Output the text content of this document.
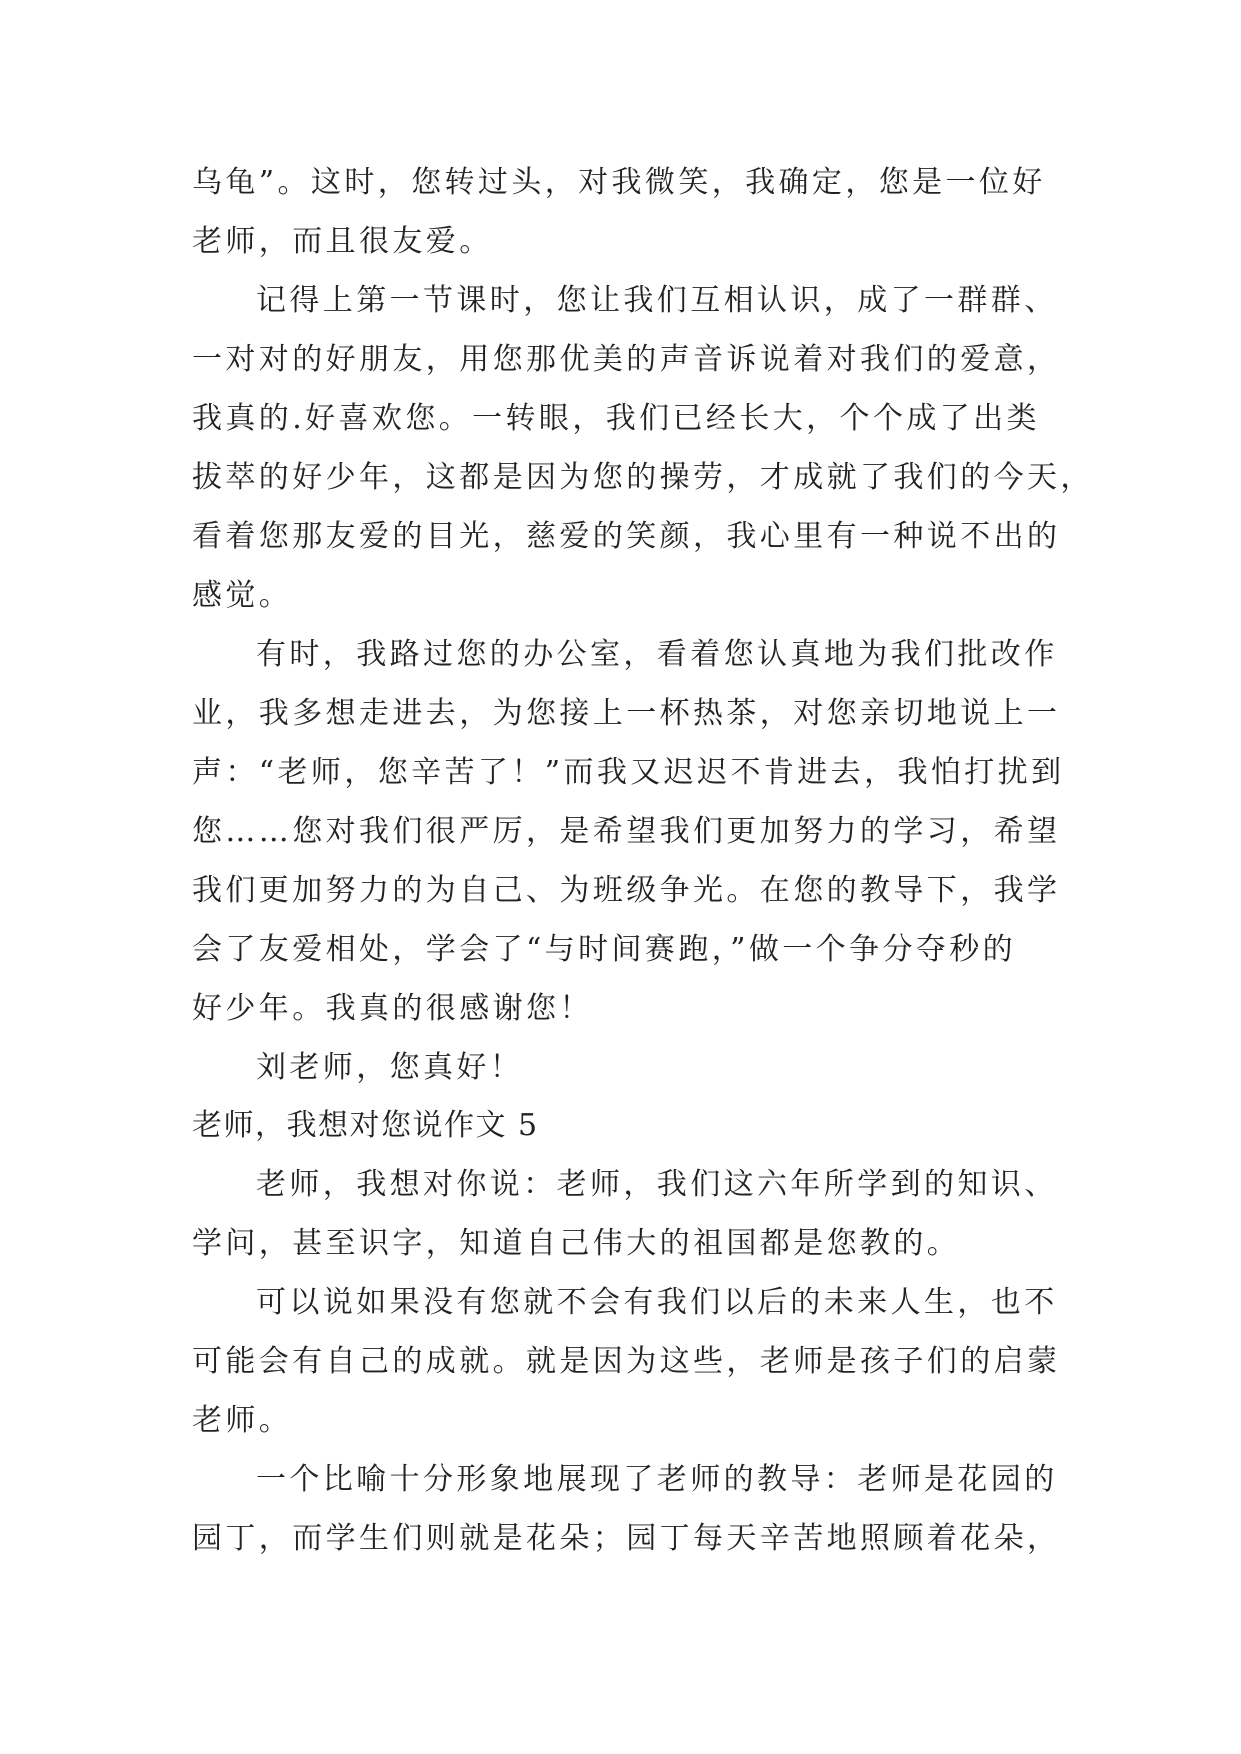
乌龟”。这时，您转过头，对我微笑，我确定，您是一位好
老师，而且很友爱。
记得上第一节课时，您让我们互相认识，成了一群群、
一对对的好朋友，用您那优美的声音诉说着对我们的爱意，
我真的.好喜欢您。一转眼，我们已经长大，个个成了出类
拔萃的好少年，这都是因为您的操劳，才成就了我们的今天，
看着您那友爱的目光，慈爱的笑颜，我心里有一种说不出的
感觉。
有时，我路过您的办公室，看着您认真地为我们批改作
业，我多想走进去，为您接上一杯热茶，对您亲切地说上一
声：“老师，您辛苦了！”而我又迟迟不肯进去，我怕打扰到
您……您对我们很严厉，是希望我们更加努力的学习，希望
我们更加努力的为自己、为班级争光。在您的教导下，我学
会了友爱相处，学会了“与时间赛跑，”做一个争分夺秒的
好少年。我真的很感谢您！
刘老师，您真好！
老师，我想对您说作文 5
老师，我想对你说：老师，我们这六年所学到的知识、
学问，甚至识字，知道自己伟大的祖国都是您教的。
可以说如果没有您就不会有我们以后的未来人生，也不
可能会有自己的成就。就是因为这些，老师是孩子们的启蒙
老师。
一个比喻十分形象地展现了老师的教导：老师是花园的
园丁，而学生们则就是花朵；园丁每天辛苦地照顾着花朵，
